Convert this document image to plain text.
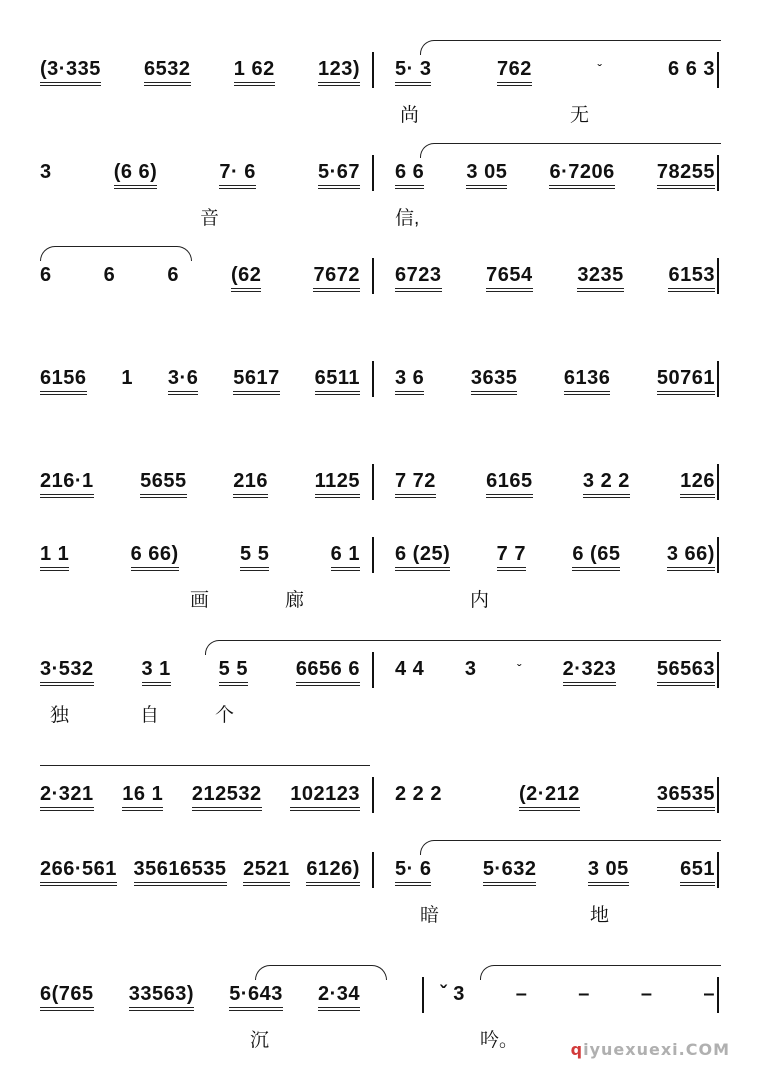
(3·335 6532 1 62 123) 5· 3	762	ˇ	6 6 3
尚	无
3	(6 6)	7· 6	5·67 6 6 3 05 6·7206 78255
音	信,
6	6	6	(62	7672 6723 7654 3235 6153
6156 1 3·6 5617 6511 3 6 3635 6136 50761
216·1 5655 216 1125 7 72	6165	3 2 2	126
1 1	6 66)	5 5	6 1 6 (25) 7 7 6 (65 3 66)
画	廊	内
3·532 3 1 5 5 6656 6 4 4 3	ˇ 2·323 56563
独	自	个
2·321 16 1 212532 102123 2 2 2	(2·212	36535
266·561 35616535 2521 6126) 5· 6	5·632	3 05	651
暗	地
6(765 33563) 5·643 2·34	ˇ 3	–	–	–	–
沉	吟。	qiyuexuexi.COM
